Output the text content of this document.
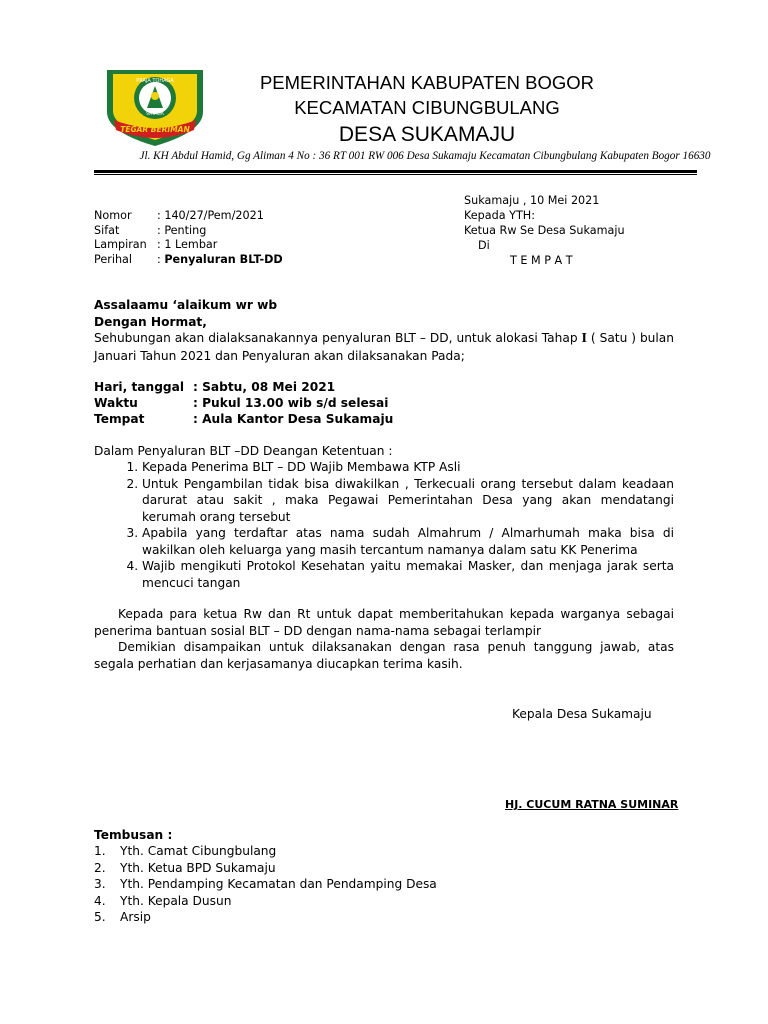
PRAJA TOHAGA
SAYAGA
TEGAR BERIMAN
PEMERINTAHAN KABUPATEN BOGOR
KECAMATAN CIBUNGBULANG
DESA SUKAMAJU
Jl. KH Abdul Hamid, Gg Aliman 4 No : 36 RT 001 RW 006 Desa Sukamaju Kecamatan Cibungbulang Kabupaten Bogor 16630
Sukamaju , 10 Mei 2021
Kepada YTH:
Ketua Rw Se Desa Sukamaju
Di
T E M P A T
Nomor : 140/27/Pem/2021
Sifat	: Penting
Lampiran : 1 Lembar
Perihal : Penyaluran BLT-DD
Assalaamu ‘alaikum wr wb
Dengan Hormat,
Sehubungan akan dialaksanakannya penyaluran BLT – DD, untuk alokasi Tahap I ( Satu ) bulan Januari Tahun 2021 dan Penyaluran akan dilaksanakan Pada;
Hari, tanggal : Sabtu, 08 Mei 2021
Waktu	: Pukul 13.00 wib s/d selesai
Tempat	: Aula Kantor Desa Sukamaju
Dalam Penyaluran BLT –DD Deangan Ketentuan :
1. Kepada Penerima BLT – DD Wajib Membawa KTP Asli
2. Untuk Pengambilan tidak bisa diwakilkan , Terkecuali orang tersebut dalam keadaan darurat atau sakit , maka Pegawai Pemerintahan Desa yang akan mendatangi kerumah orang tersebut
3. Apabila yang terdaftar atas nama sudah Almahrum / Almarhumah maka bisa di wakilkan oleh keluarga yang masih tercantum namanya dalam satu KK Penerima
4. Wajib mengikuti Protokol Kesehatan yaitu memakai Masker, dan menjaga jarak serta mencuci tangan
Kepada para ketua Rw dan Rt untuk dapat memberitahukan kepada warganya sebagai penerima bantuan sosial BLT – DD dengan nama-nama sebagai terlampir
Demikian disampaikan untuk dilaksanakan dengan rasa penuh tanggung jawab, atas segala perhatian dan kerjasamanya diucapkan terima kasih.
Kepala Desa Sukamaju
HJ. CUCUM RATNA SUMINAR
Tembusan :
1.	Yth. Camat Cibungbulang
2.	Yth. Ketua BPD Sukamaju
3.	Yth. Pendamping Kecamatan dan Pendamping Desa
4.	Yth. Kepala Dusun
5.	Arsip
